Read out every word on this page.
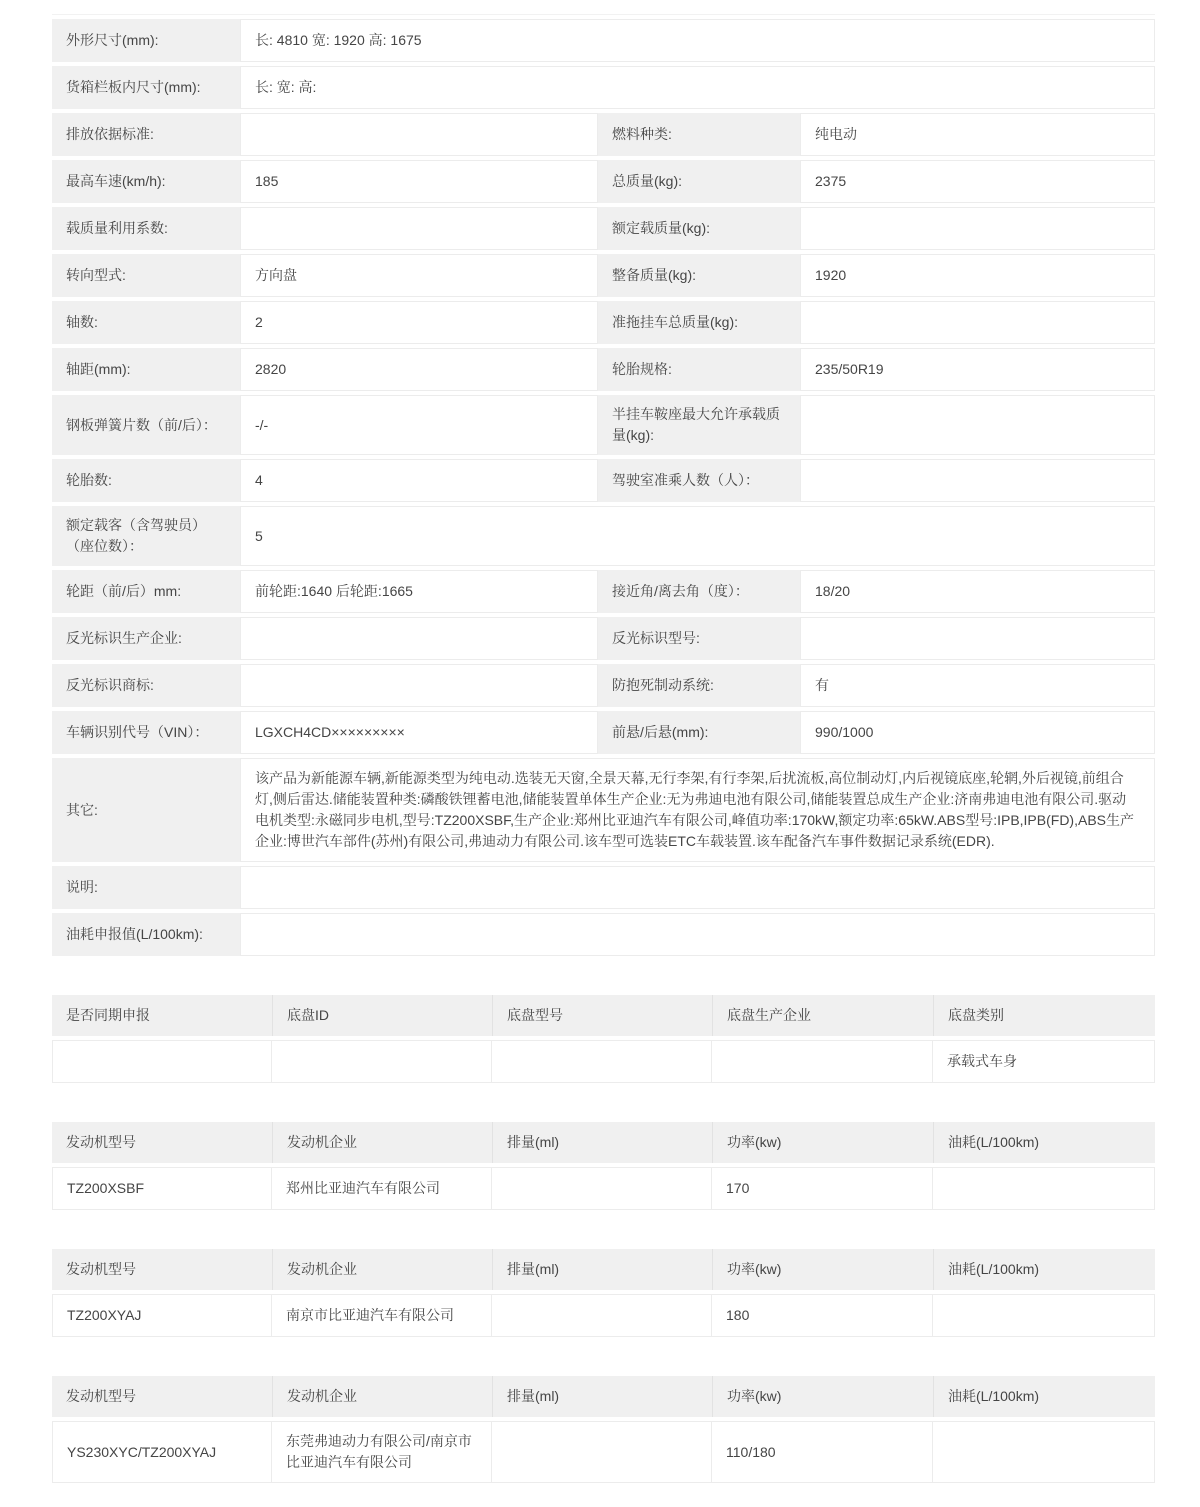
外形尺寸(mm):	长: 4810 宽: 1920 高: 1675		
货箱栏板内尺寸(mm):	长: 宽: 高:		
排放依据标准:		燃料种类:	纯电动
最高车速(km/h):	185	总质量(kg):	2375
载质量利用系数:		额定载质量(kg):	
转向型式:	方向盘	整备质量(kg):	1920
轴数:	2	准拖挂车总质量(kg):	
轴距(mm):	2820	轮胎规格:	235/50R19
钢板弹簧片数（前/后）：	-/-	半挂车鞍座最大允许承载质量(kg):	
轮胎数:	4	驾驶室准乘人数（人）：	
额定载客（含驾驶员）（座位数）：	5		
轮距（前/后）mm:	前轮距:1640 后轮距:1665	接近角/离去角（度）：	18/20
反光标识生产企业:		反光标识型号:	
反光标识商标:		防抱死制动系统:	有
车辆识别代号（VIN）：	LGXCH4CD×××××××××	前悬/后悬(mm):	990/1000
其它:	该产品为新能源车辆,新能源类型为纯电动.选装无天窗,全景天幕,无行李架,有行李架,后扰流板,高位制动灯,内后视镜底座,轮辋,外后视镜,前组合灯,侧后雷达.储能装置种类:磷酸铁锂蓄电池,储能装置单体生产企业:无为弗迪电池有限公司,储能装置总成生产企业:济南弗迪电池有限公司.驱动电机类型:永磁同步电机,型号:TZ200XSBF,生产企业:郑州比亚迪汽车有限公司,峰值功率:170kW,额定功率:65kW.ABS型号:IPB,IPB(FD),ABS生产企业:博世汽车部件(苏州)有限公司,弗迪动力有限公司.该车型可选装ETC车载装置.该车配备汽车事件数据记录系统(EDR).		
说明:			
油耗申报值(L/100km):			
是否同期申报	底盘ID	底盘型号	底盘生产企业	底盘类别
				承载式车身
发动机型号	发动机企业	排量(ml)	功率(kw)	油耗(L/100km)
TZ200XSBF	郑州比亚迪汽车有限公司		170	
发动机型号	发动机企业	排量(ml)	功率(kw)	油耗(L/100km)
TZ200XYAJ	南京市比亚迪汽车有限公司		180	
发动机型号	发动机企业	排量(ml)	功率(kw)	油耗(L/100km)
YS230XYC/TZ200XYAJ	东莞弗迪动力有限公司/南京市比亚迪汽车有限公司		110/180	
